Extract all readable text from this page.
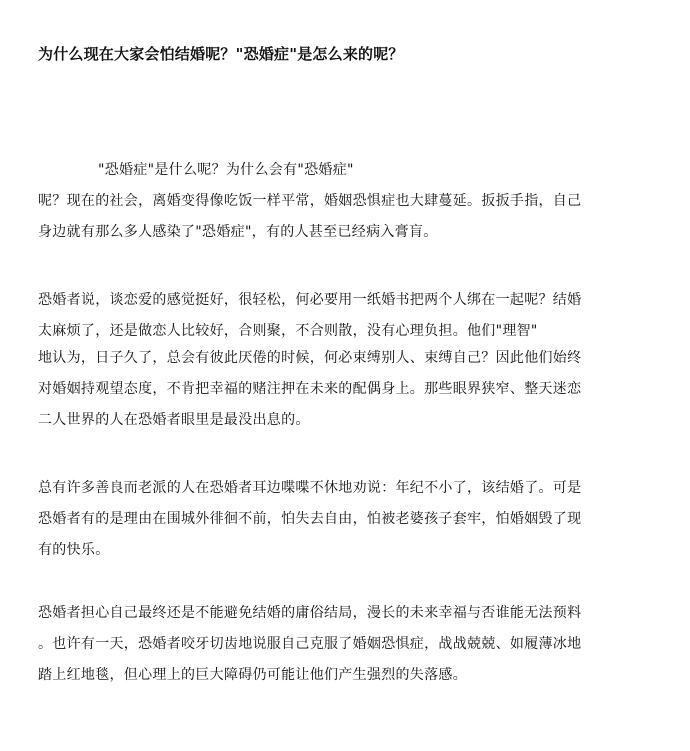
为什么现在大家会怕结婚呢？"恐婚症"是怎么来的呢？
"恐婚症"是什么呢？为什么会有"恐婚症"
呢？现在的社会，离婚变得像吃饭一样平常，婚姻恐惧症也大肆蔓延。扳扳手指，自己
身边就有那么多人感染了"恐婚症"，有的人甚至已经病入膏肓。
恐婚者说，谈恋爱的感觉挺好，很轻松，何必要用一纸婚书把两个人绑在一起呢？结婚
太麻烦了，还是做恋人比较好，合则聚，不合则散，没有心理负担。他们"理智"
地认为，日子久了，总会有彼此厌倦的时候，何必束缚别人、束缚自己？因此他们始终
对婚姻持观望态度，不肯把幸福的赌注押在未来的配偶身上。那些眼界狭窄、整天迷恋
二人世界的人在恐婚者眼里是最没出息的。
总有许多善良而老派的人在恐婚者耳边喋喋不休地劝说：年纪不小了，该结婚了。可是
恐婚者有的是理由在围城外徘徊不前，怕失去自由，怕被老婆孩子套牢，怕婚姻毁了现
有的快乐。
恐婚者担心自己最终还是不能避免结婚的庸俗结局，漫长的未来幸福与否谁能无法预料
。也许有一天，恐婚者咬牙切齿地说服自己克服了婚姻恐惧症，战战兢兢、如履薄冰地
踏上红地毯，但心理上的巨大障碍仍可能让他们产生强烈的失落感。
